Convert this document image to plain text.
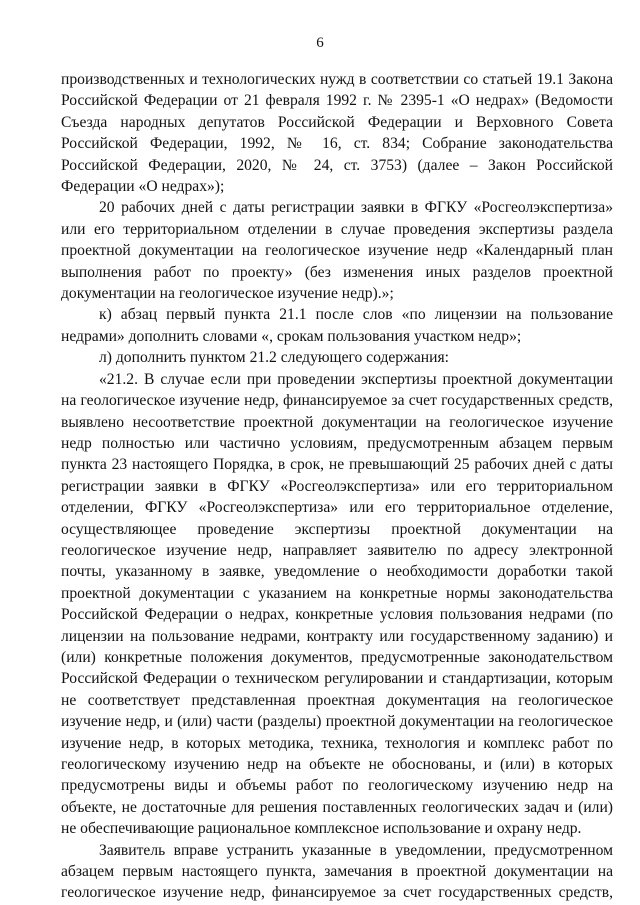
6

производственных и технологических нужд в соответствии со статьей 19.1 Закона Российской Федерации от 21 февраля 1992 г. № 2395-1 «О недрах» (Ведомости Съезда народных депутатов Российской Федерации и Верховного Совета Российской Федерации, 1992, № 16, ст. 834; Собрание законодательства Российской Федерации, 2020, № 24, ст. 3753) (далее – Закон Российской Федерации «О недрах»);

20 рабочих дней с даты регистрации заявки в ФГКУ «Росгеолэкспертиза» или его территориальном отделении в случае проведения экспертизы раздела проектной документации на геологическое изучение недр «Календарный план выполнения работ по проекту» (без изменения иных разделов проектной документации на геологическое изучение недр).»;

к) абзац первый пункта 21.1 после слов «по лицензии на пользование недрами» дополнить словами «, срокам пользования участком недр»;

л) дополнить пунктом 21.2 следующего содержания:

«21.2. В случае если при проведении экспертизы проектной документации на геологическое изучение недр, финансируемое за счет государственных средств, выявлено несоответствие проектной документации на геологическое изучение недр полностью или частично условиям, предусмотренным абзацем первым пункта 23 настоящего Порядка, в срок, не превышающий 25 рабочих дней с даты регистрации заявки в ФГКУ «Росгеолэкспертиза» или его территориальном отделении, ФГКУ «Росгеолэкспертиза» или его территориальное отделение, осуществляющее проведение экспертизы проектной документации на геологическое изучение недр, направляет заявителю по адресу электронной почты, указанному в заявке, уведомление о необходимости доработки такой проектной документации с указанием на конкретные нормы законодательства Российской Федерации о недрах, конкретные условия пользования недрами (по лицензии на пользование недрами, контракту или государственному заданию) и (или) конкретные положения документов, предусмотренные законодательством Российской Федерации о техническом регулировании и стандартизации, которым не соответствует представленная проектная документация на геологическое изучение недр, и (или) части (разделы) проектной документации на геологическое изучение недр, в которых методика, техника, технология и комплекс работ по геологическому изучению недр на объекте не обоснованы, и (или) в которых предусмотрены виды и объемы работ по геологическому изучению недр на объекте, не достаточные для решения поставленных геологических задач и (или) не обеспечивающие рациональное комплексное использование и охрану недр.

Заявитель вправе устранить указанные в уведомлении, предусмотренном абзацем первым настоящего пункта, замечания в проектной документации на геологическое изучение недр, финансируемое за счет государственных средств,
